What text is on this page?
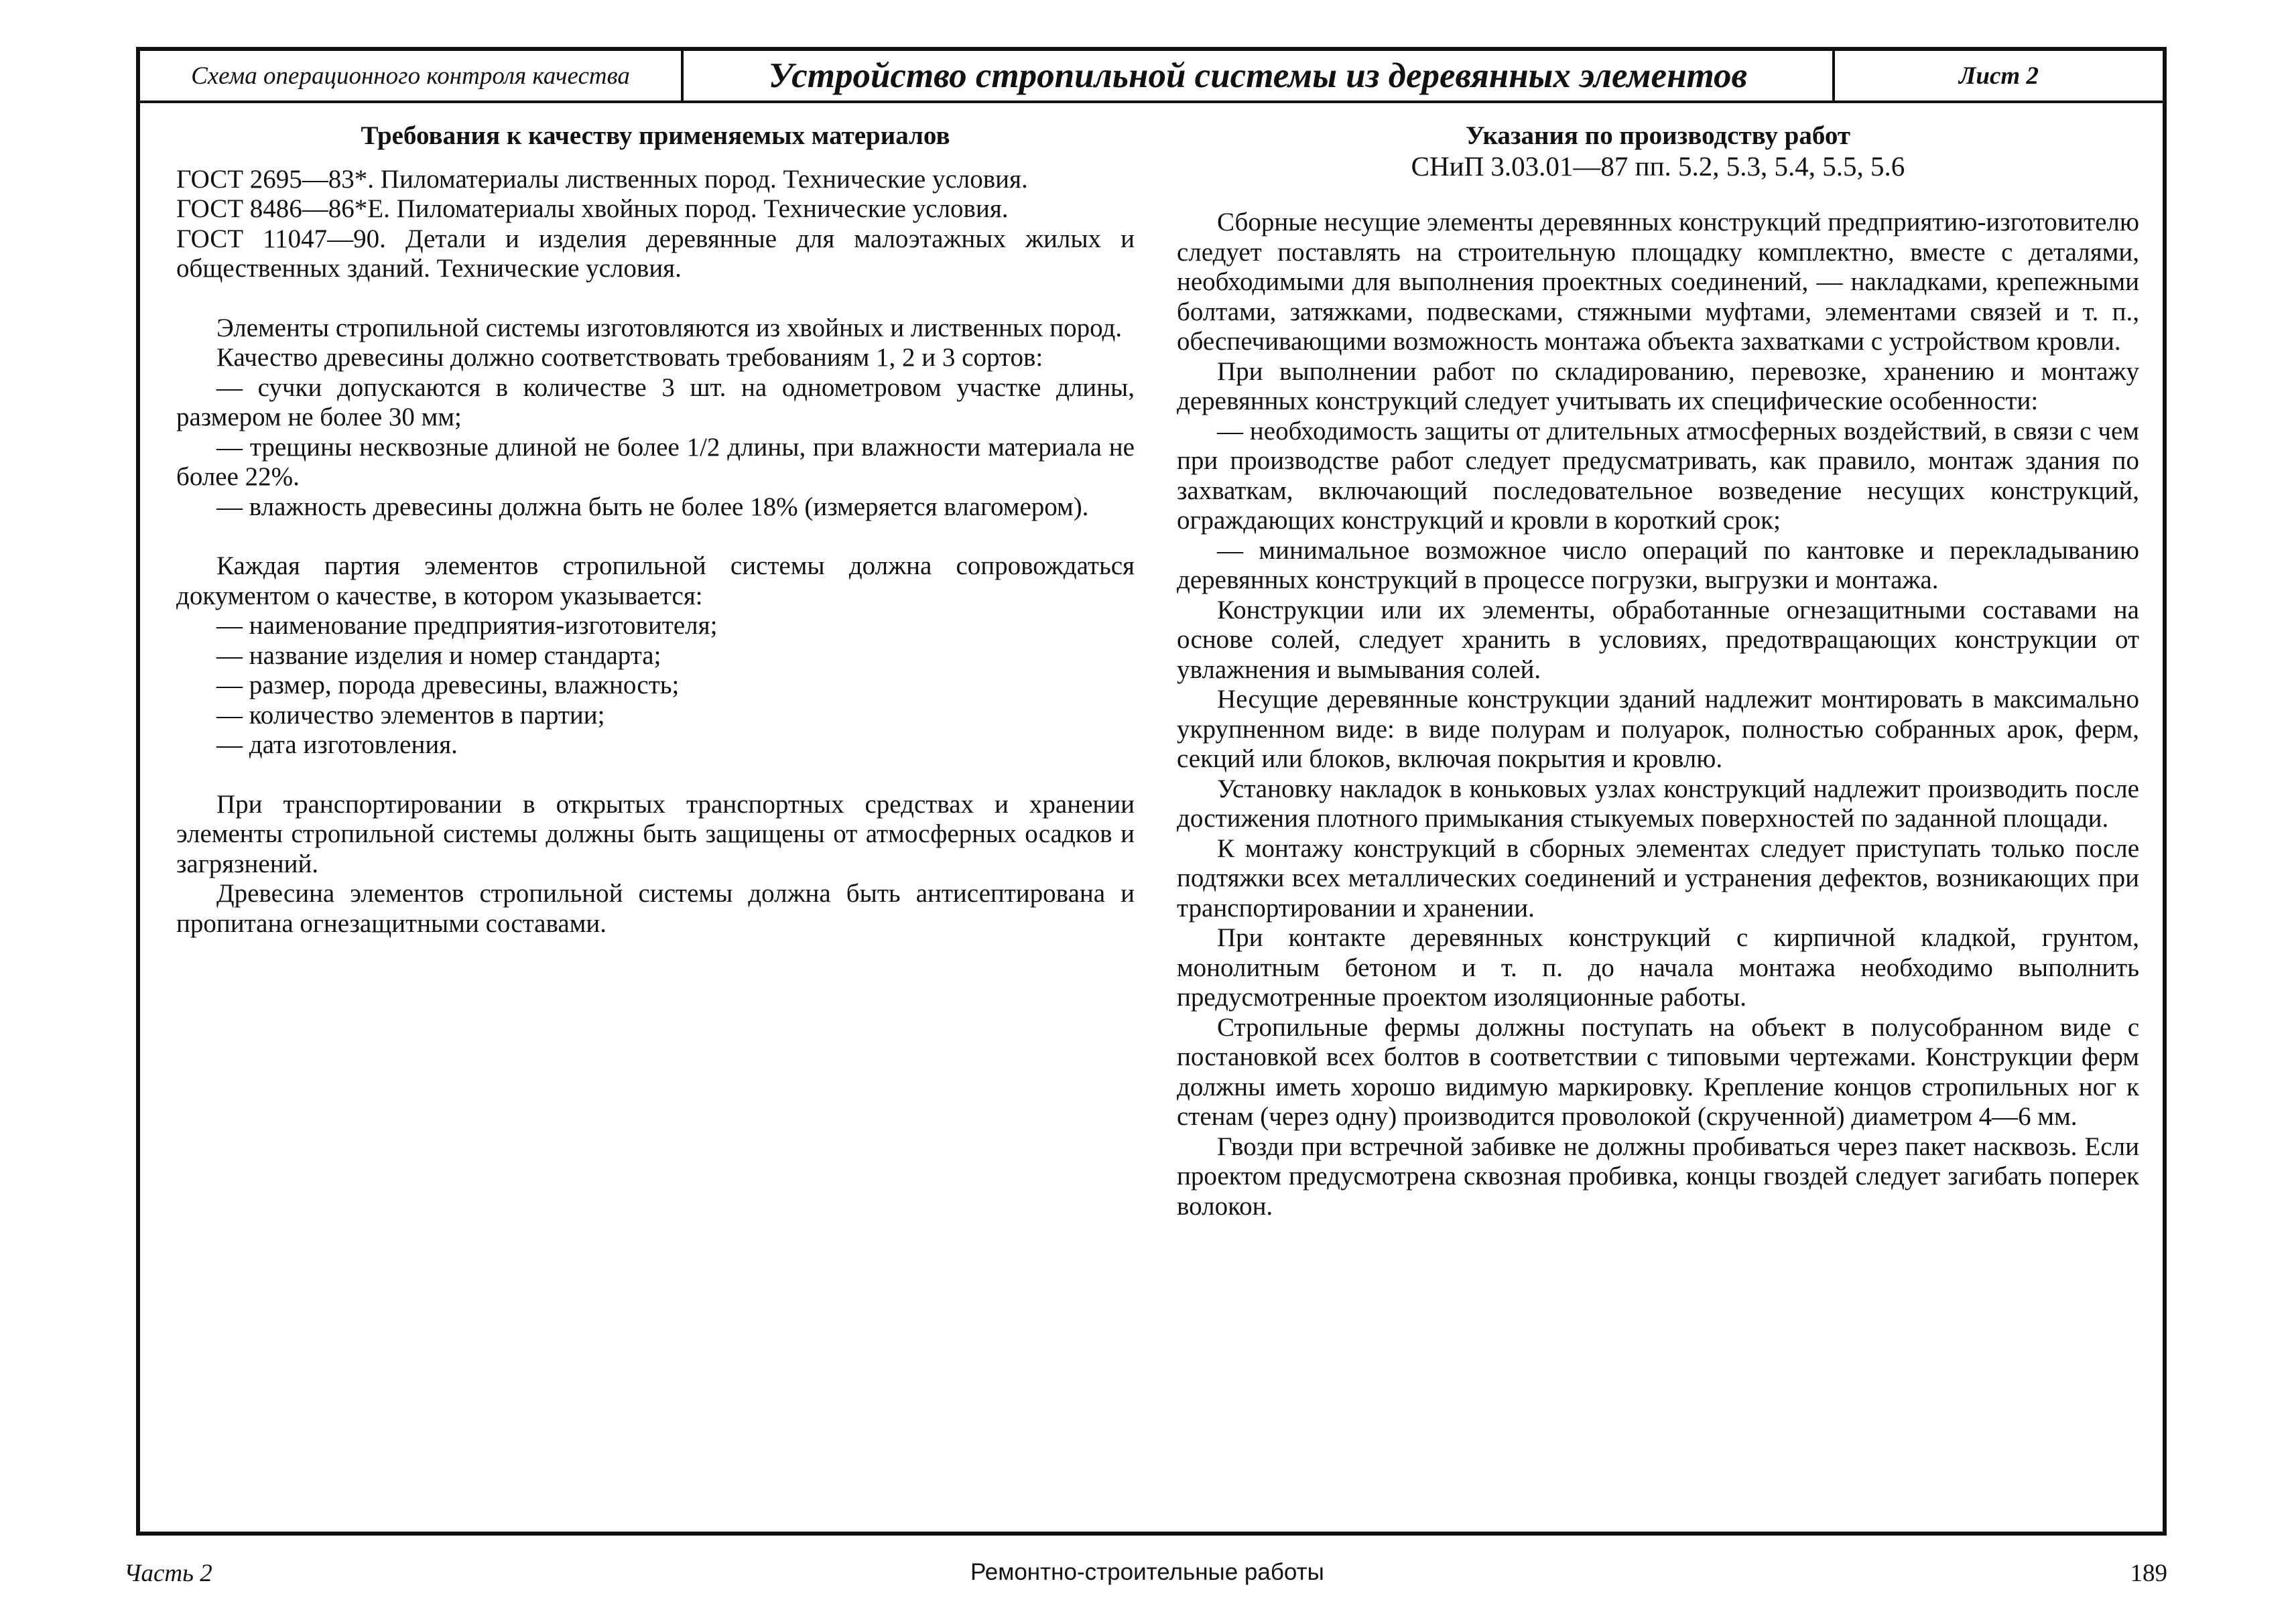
Схема операционного контроля качества	Устройство стропильной системы из деревянных элементов	Лист 2

Требования к качеству применяемых материалов

ГОСТ 2695—83*. Пиломатериалы лиственных пород. Технические условия.

ГОСТ 8486—86*Е. Пиломатериалы хвойных пород. Технические условия.

ГОСТ 11047—90. Детали и изделия деревянные для малоэтажных жилых и общественных зданий. Технические условия.

Элементы стропильной системы изготовляются из хвойных и лиственных пород.

Качество древесины должно соответствовать требованиям 1, 2 и 3 сортов:

— сучки допускаются в количестве 3 шт. на однометровом участке длины, размером не более 30 мм;

— трещины несквозные длиной не более 1/2 длины, при влажности материала не более 22%.

— влажность древесины должна быть не более 18% (измеряется влагомером).

Каждая партия элементов стропильной системы должна сопровождаться документом о качестве, в котором указывается:

— наименование предприятия-изготовителя;

— название изделия и номер стандарта;

— размер, порода древесины, влажность;

— количество элементов в партии;

— дата изготовления.

При транспортировании в открытых транспортных средствах и хранении элементы стропильной системы должны быть защищены от атмосферных осадков и загрязнений.

Древесина элементов стропильной системы должна быть антисептирована и пропитана огнезащитными составами.

Указания по производству работ

СНиП 3.03.01—87 пп. 5.2, 5.3, 5.4, 5.5, 5.6

Сборные несущие элементы деревянных конструкций предприятию-изготовителю следует поставлять на строительную площадку комплектно, вместе с деталями, необходимыми для выполнения проектных соединений, — накладками, крепежными болтами, затяжками, подвесками, стяжными муфтами, элементами связей и т. п., обеспечивающими возможность монтажа объекта захватками с устройством кровли.

При выполнении работ по складированию, перевозке, хранению и монтажу деревянных конструкций следует учитывать их специфические особенности:

— необходимость защиты от длительных атмосферных воздействий, в связи с чем при производстве работ следует предусматривать, как правило, монтаж здания по захваткам, включающий последовательное возведение несущих конструкций, ограждающих конструкций и кровли в короткий срок;

— минимальное возможное число операций по кантовке и перекладыванию деревянных конструкций в процессе погрузки, выгрузки и монтажа.

Конструкции или их элементы, обработанные огнезащитными составами на основе солей, следует хранить в условиях, предотвращающих конструкции от увлажнения и вымывания солей.

Несущие деревянные конструкции зданий надлежит монтировать в максимально укрупненном виде: в виде полурам и полуарок, полностью собранных арок, ферм, секций или блоков, включая покрытия и кровлю.

Установку накладок в коньковых узлах конструкций надлежит производить после достижения плотного примыкания стыкуемых поверхностей по заданной площади.

К монтажу конструкций в сборных элементах следует приступать только после подтяжки всех металлических соединений и устранения дефектов, возникающих при транспортировании и хранении.

При контакте деревянных конструкций с кирпичной кладкой, грунтом, монолитным бетоном и т. п. до начала монтажа необходимо выполнить предусмотренные проектом изоляционные работы.

Стропильные фермы должны поступать на объект в полусобранном виде с постановкой всех болтов в соответствии с типовыми чертежами. Конструкции ферм должны иметь хорошо видимую маркировку. Крепление концов стропильных ног к стенам (через одну) производится проволокой (скрученной) диаметром 4—6 мм.

Гвозди при встречной забивке не должны пробиваться через пакет насквозь. Если проектом предусмотрена сквозная пробивка, концы гвоздей следует загибать поперек волокон.

Часть 2	Ремонтно-строительные работы	189
